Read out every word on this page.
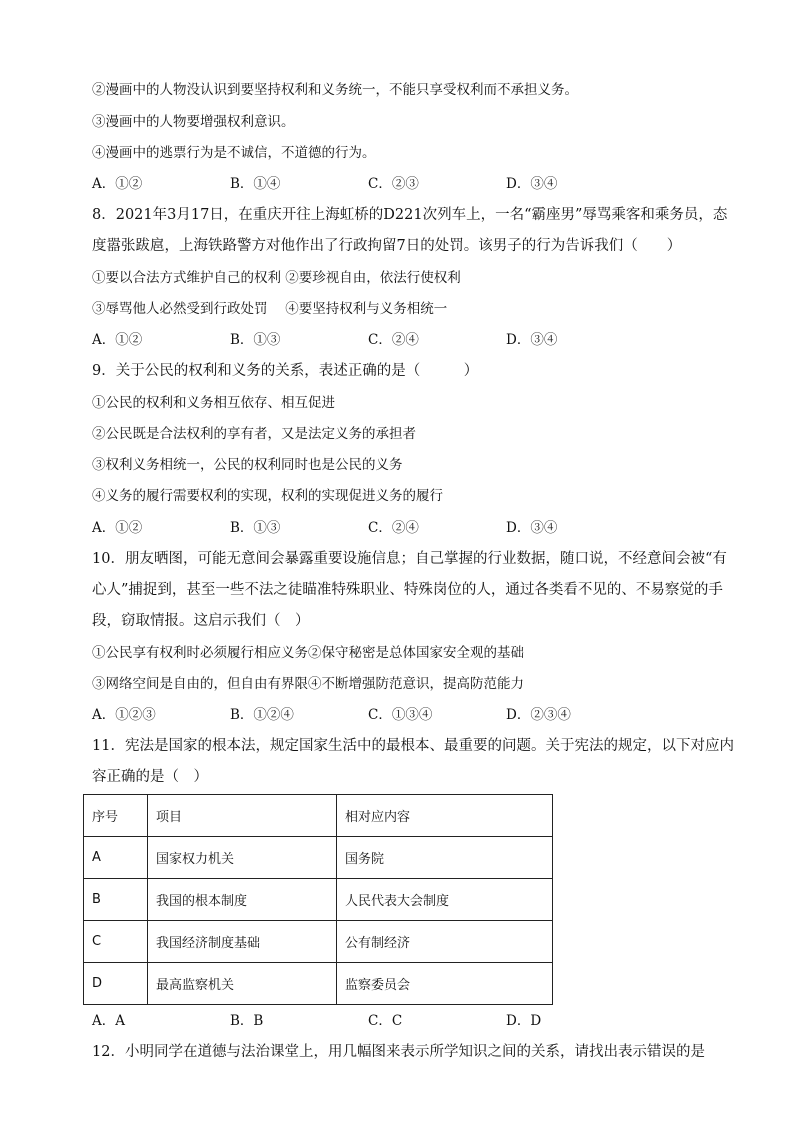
②漫画中的人物没认识到要坚持权利和义务统一，不能只享受权利而不承担义务。
③漫画中的人物要增强权利意识。
④漫画中的逃票行为是不诚信，不道德的行为。
A．①②	B．①④	C．②③	D．③④
8．2021年3月17日，在重庆开往上海虹桥的D221次列车上，一名“霸座男”辱骂乘客和乘务员，态
度嚣张跋扈，上海铁路警方对他作出了行政拘留7日的处罚。该男子的行为告诉我们（　　）
①要以合法方式维护自己的权利 ②要珍视自由，依法行使权利
③辱骂他人必然受到行政处罚　 ④要坚持权利与义务相统一
A．①②	B．①③	C．②④	D．③④
9．关于公民的权利和义务的关系，表述正确的是（　　　）
①公民的权利和义务相互依存、相互促进
②公民既是合法权利的享有者，又是法定义务的承担者
③权利义务相统一，公民的权利同时也是公民的义务
④义务的履行需要权利的实现，权利的实现促进义务的履行
A．①②	B．①③	C．②④	D．③④
10．朋友晒图，可能无意间会暴露重要设施信息；自己掌握的行业数据，随口说，不经意间会被“有
心人”捕捉到，甚至一些不法之徒瞄准特殊职业、特殊岗位的人，通过各类看不见的、不易察觉的手
段，窃取情报。这启示我们（　）
①公民享有权利时必须履行相应义务②保守秘密是总体国家安全观的基础
③网络空间是自由的，但自由有界限④不断增强防范意识，提高防范能力
A．①②③	B．①②④	C．①③④	D．②③④
11．宪法是国家的根本法，规定国家生活中的最根本、最重要的问题。关于宪法的规定，以下对应内
容正确的是（　）
序号	项目	相对应内容
A	国家权力机关	国务院
B	我国的根本制度	人民代表大会制度
C	我国经济制度基础	公有制经济
D	最高监察机关	监察委员会
A．A	B．B	C．C	D．D
12．小明同学在道德与法治课堂上，用几幅图来表示所学知识之间的关系，请找出表示错误的是
